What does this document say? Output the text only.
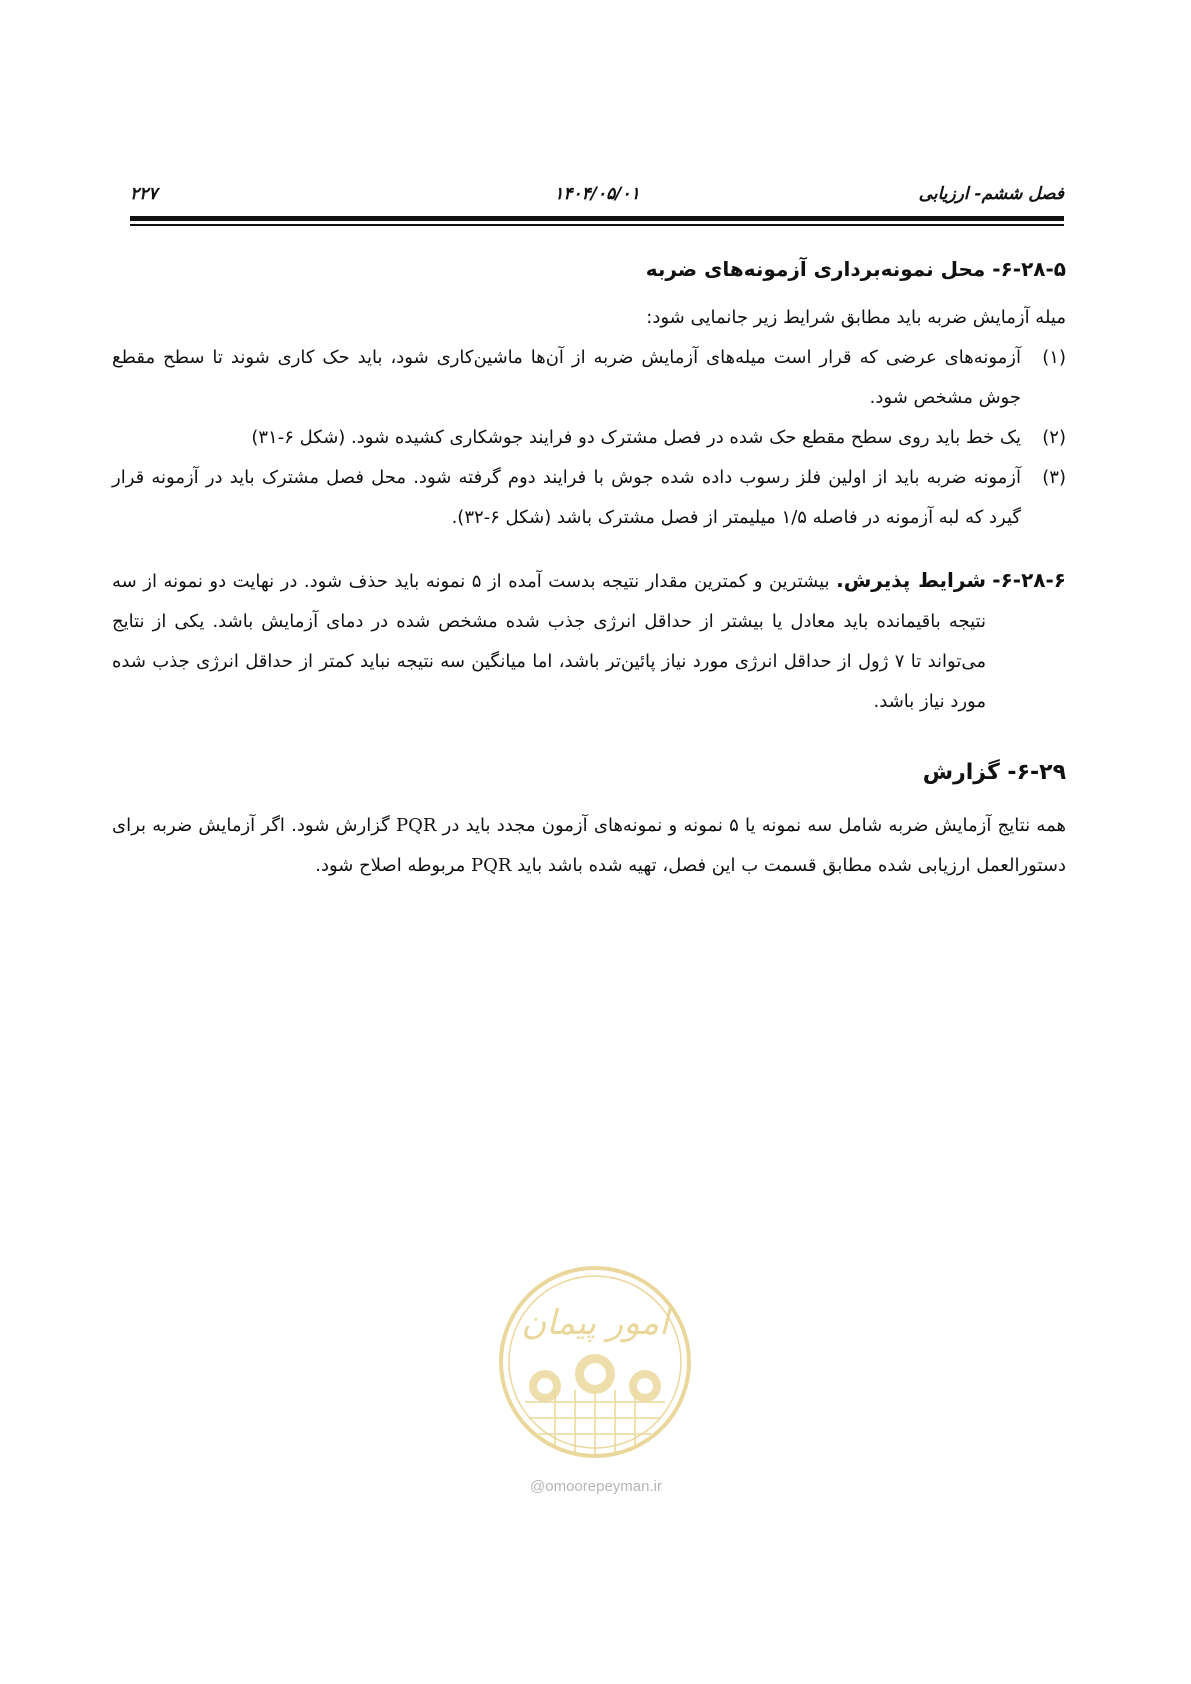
فصل ششم- ارزیابی
۱۴۰۴/۰۵/۰۱
۲۲۷
۶-۲۸-۵- محل نمونه‌برداری آزمونه‌های ضربه

میله آزمایش ضربه باید مطابق شرایط زیر جانمایی شود:

(۱)
آزمونه‌های عرضی که قرار است میله‌های آزمایش ضربه از آن‌ها ماشین‌کاری شود، باید حک کاری شوند تا سطح مقطع جوش مشخص شود.
(۲)
یک خط باید روی سطح مقطع حک شده در فصل مشترک دو فرایند جوشکاری کشیده شود. (شکل ۶-۳۱)
(۳)
آزمونه ضربه باید از اولین فلز رسوب داده شده جوش با فرایند دوم گرفته شود. محل فصل مشترک باید در آزمونه قرار گیرد که لبه آزمونه در فاصله ۱/۵ میلیمتر از فصل مشترک باشد (شکل ۶-۳۲).
۶-۲۸-۶-
شرایط پذیرش. بیشترین و کمترین مقدار نتیجه بدست آمده از ۵ نمونه باید حذف شود. در نهایت دو نمونه از سه نتیجه باقیمانده باید معادل یا بیشتر از حداقل انرژی جذب شده مشخص شده در دمای آزمایش باشد. یکی از نتایج می‌تواند تا ۷ ژول از حداقل انرژی مورد نیاز پائین‌تر باشد، اما میانگین سه نتیجه نباید کمتر از حداقل انرژی جذب شده مورد نیاز باشد.
۶-۲۹- گزارش

همه نتایج آزمایش ضربه شامل سه نمونه یا ۵ نمونه و نمونه‌های آزمون مجدد باید در PQR گزارش شود. اگر آزمایش ضربه برای دستورالعمل ارزیابی شده مطابق قسمت ب این فصل، تهیه شده باشد باید PQR مربوطه اصلاح شود.

امور پیمان
@omoorepeyman.ir
